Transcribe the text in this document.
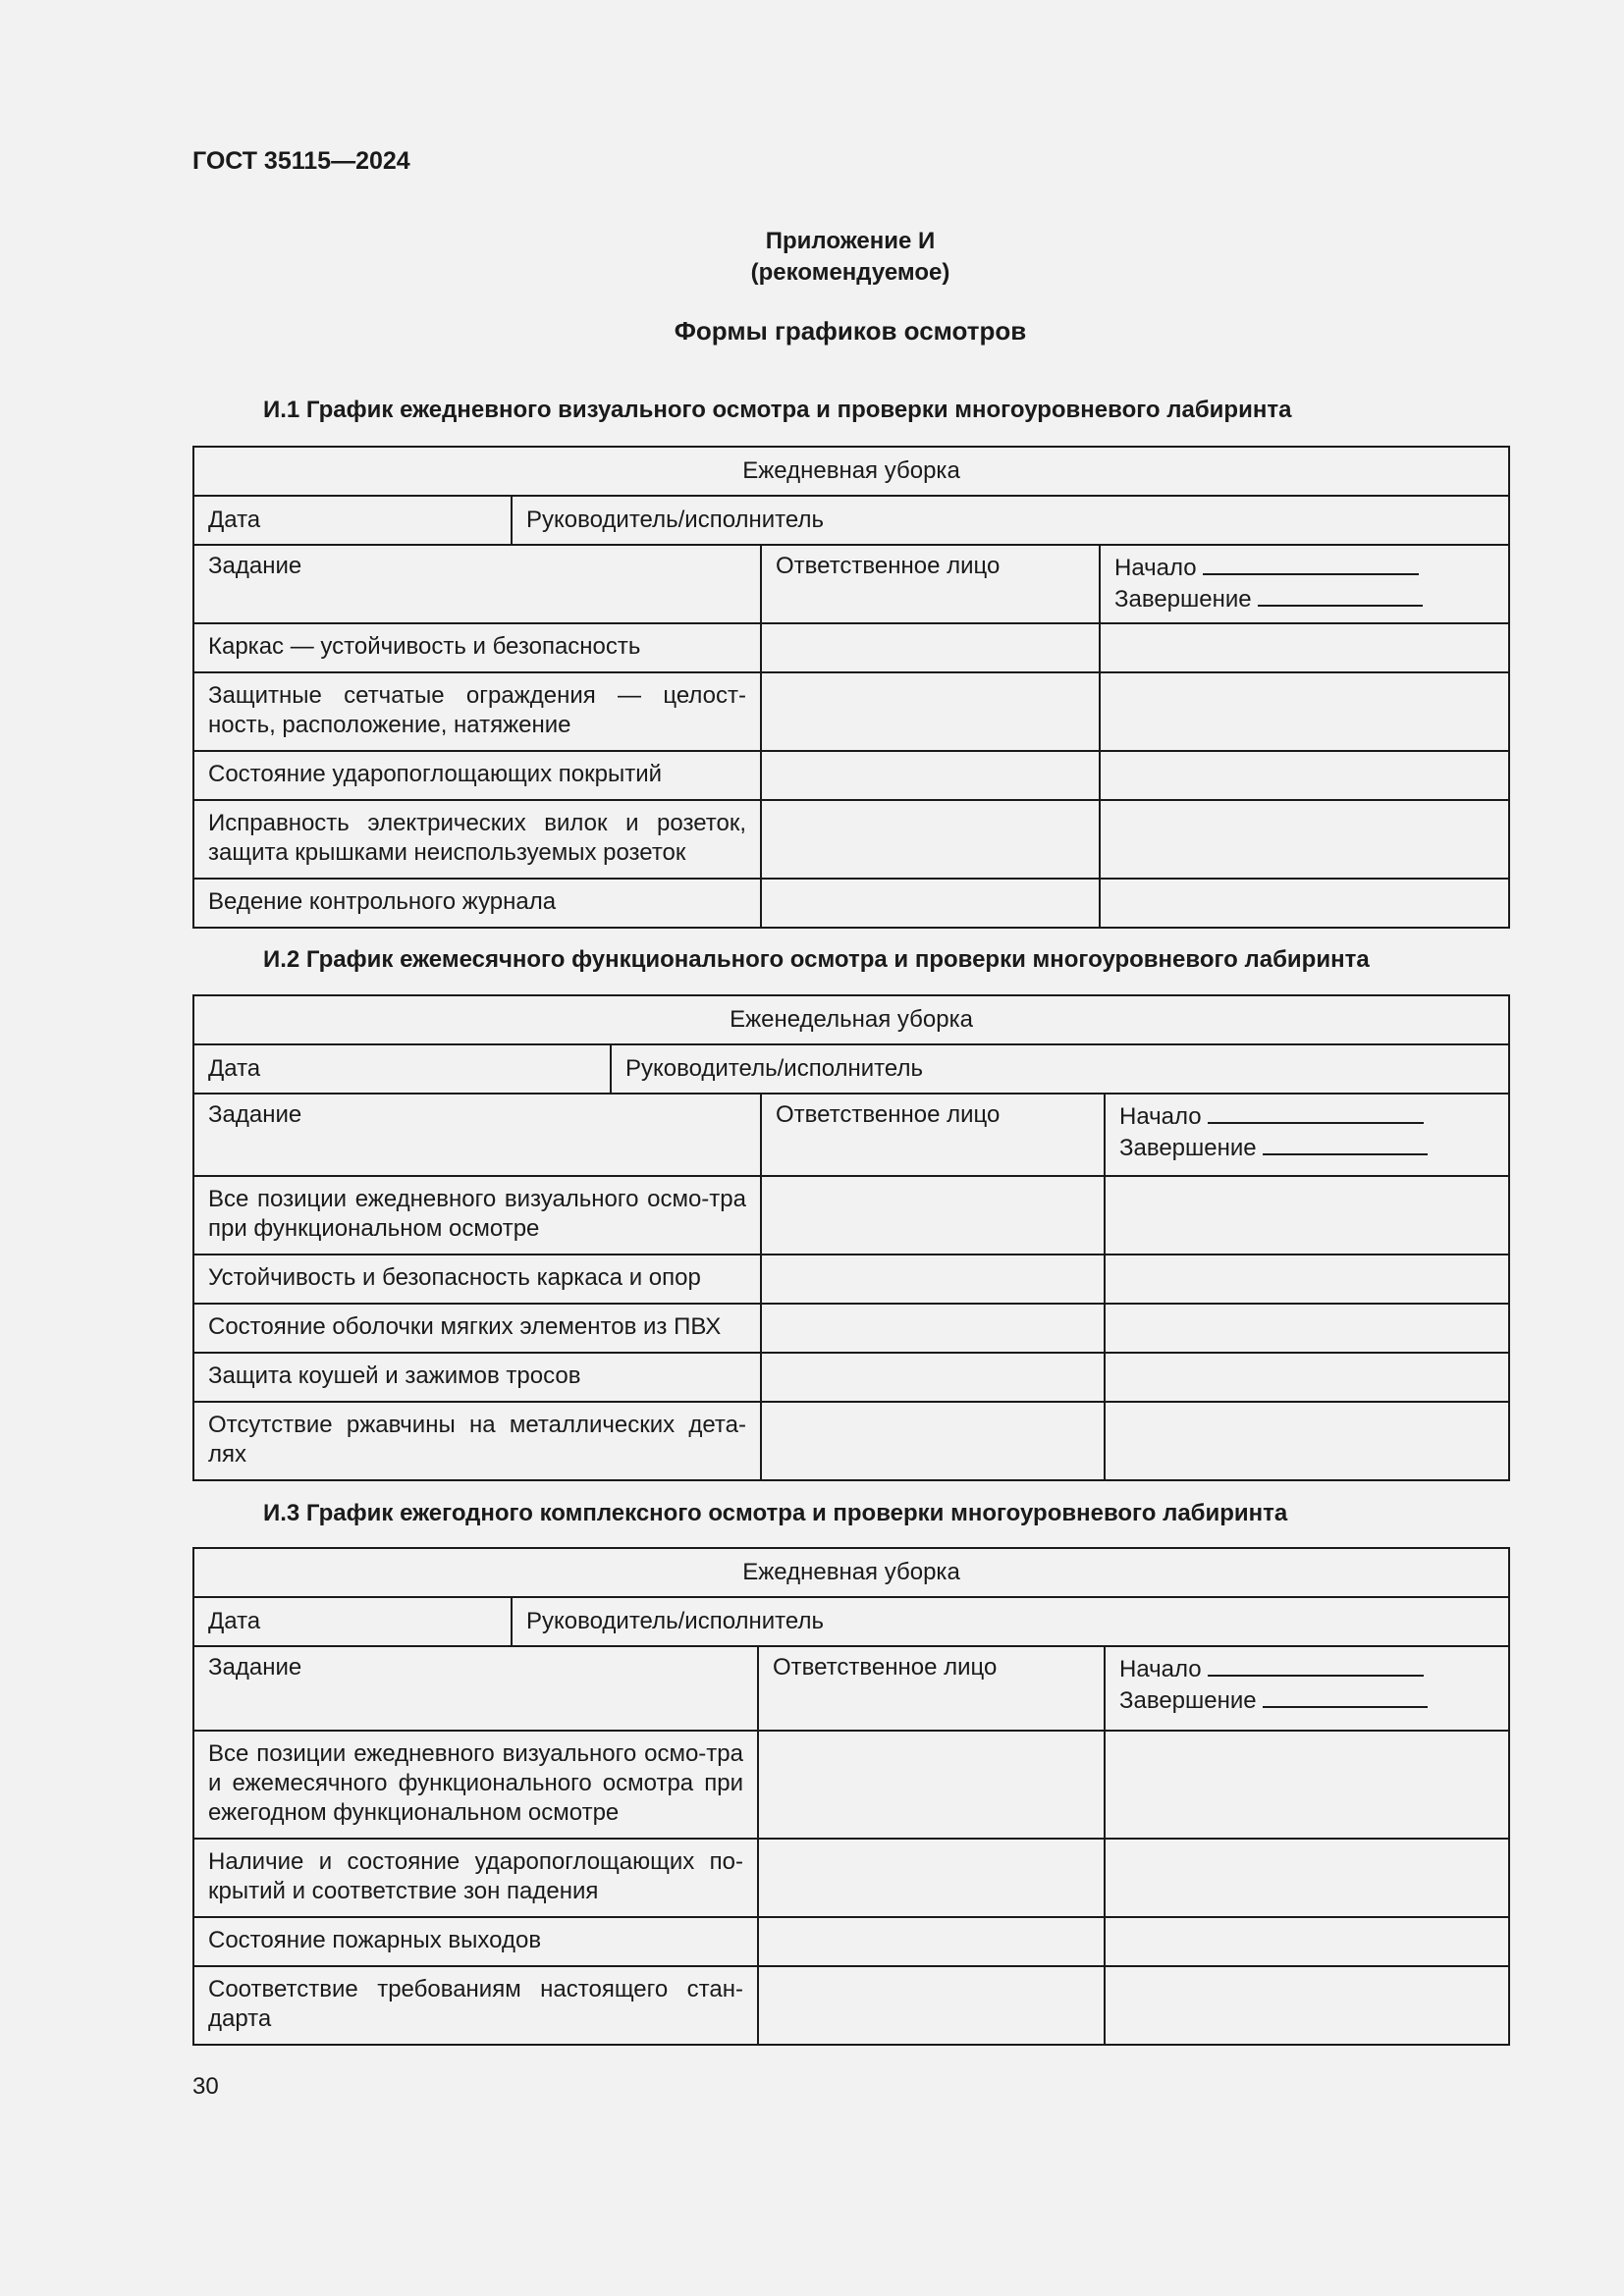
ГОСТ 35115—2024
Приложение И
(рекомендуемое)
Формы графиков осмотров
И.1 График ежедневного визуального осмотра и проверки многоуровневого лабиринта
Ежедневная уборка			
Дата	Руководитель/исполнитель		
Задание		Ответственное лицо	Начало
Завершение
Каркас — устойчивость и безопасность			
Защитные сетчатые ограждения — целост-ность, расположение, натяжение			
Состояние удaропоглощающих покрытий			
Исправность электрических вилок и розеток, защита крышками неиспользуемых розеток			
Ведение контрольного журнала			
И.2 График ежемесячного функционального осмотра и проверки многоуровневого лабиринта
Еженедельная уборка			
Дата	Руководитель/исполнитель		
Задание		Ответственное лицо	Начало
Завершение
Все позиции ежедневного визуального осмо-тра при функциональном осмотре			
Устойчивость и безопасность каркаса и опор			
Состояние оболочки мягких элементов из ПВХ			
Защита коушей и зажимов тросов			
Отсутствие ржавчины на металлических дета-лях			
И.3 График ежегодного комплексного осмотра и проверки многоуровневого лабиринта
Ежедневная уборка			
Дата	Руководитель/исполнитель		
Задание		Ответственное лицо	Начало
Завершение
Все позиции ежедневного визуального осмо-тра и ежемесячного функционального осмотра при ежегодном функциональном осмотре			
Наличие и состояние ударопоглощающих по-крытий и соответствие зон падения			
Состояние пожарных выходов			
Соответствие требованиям настоящего стан-дарта			
30
